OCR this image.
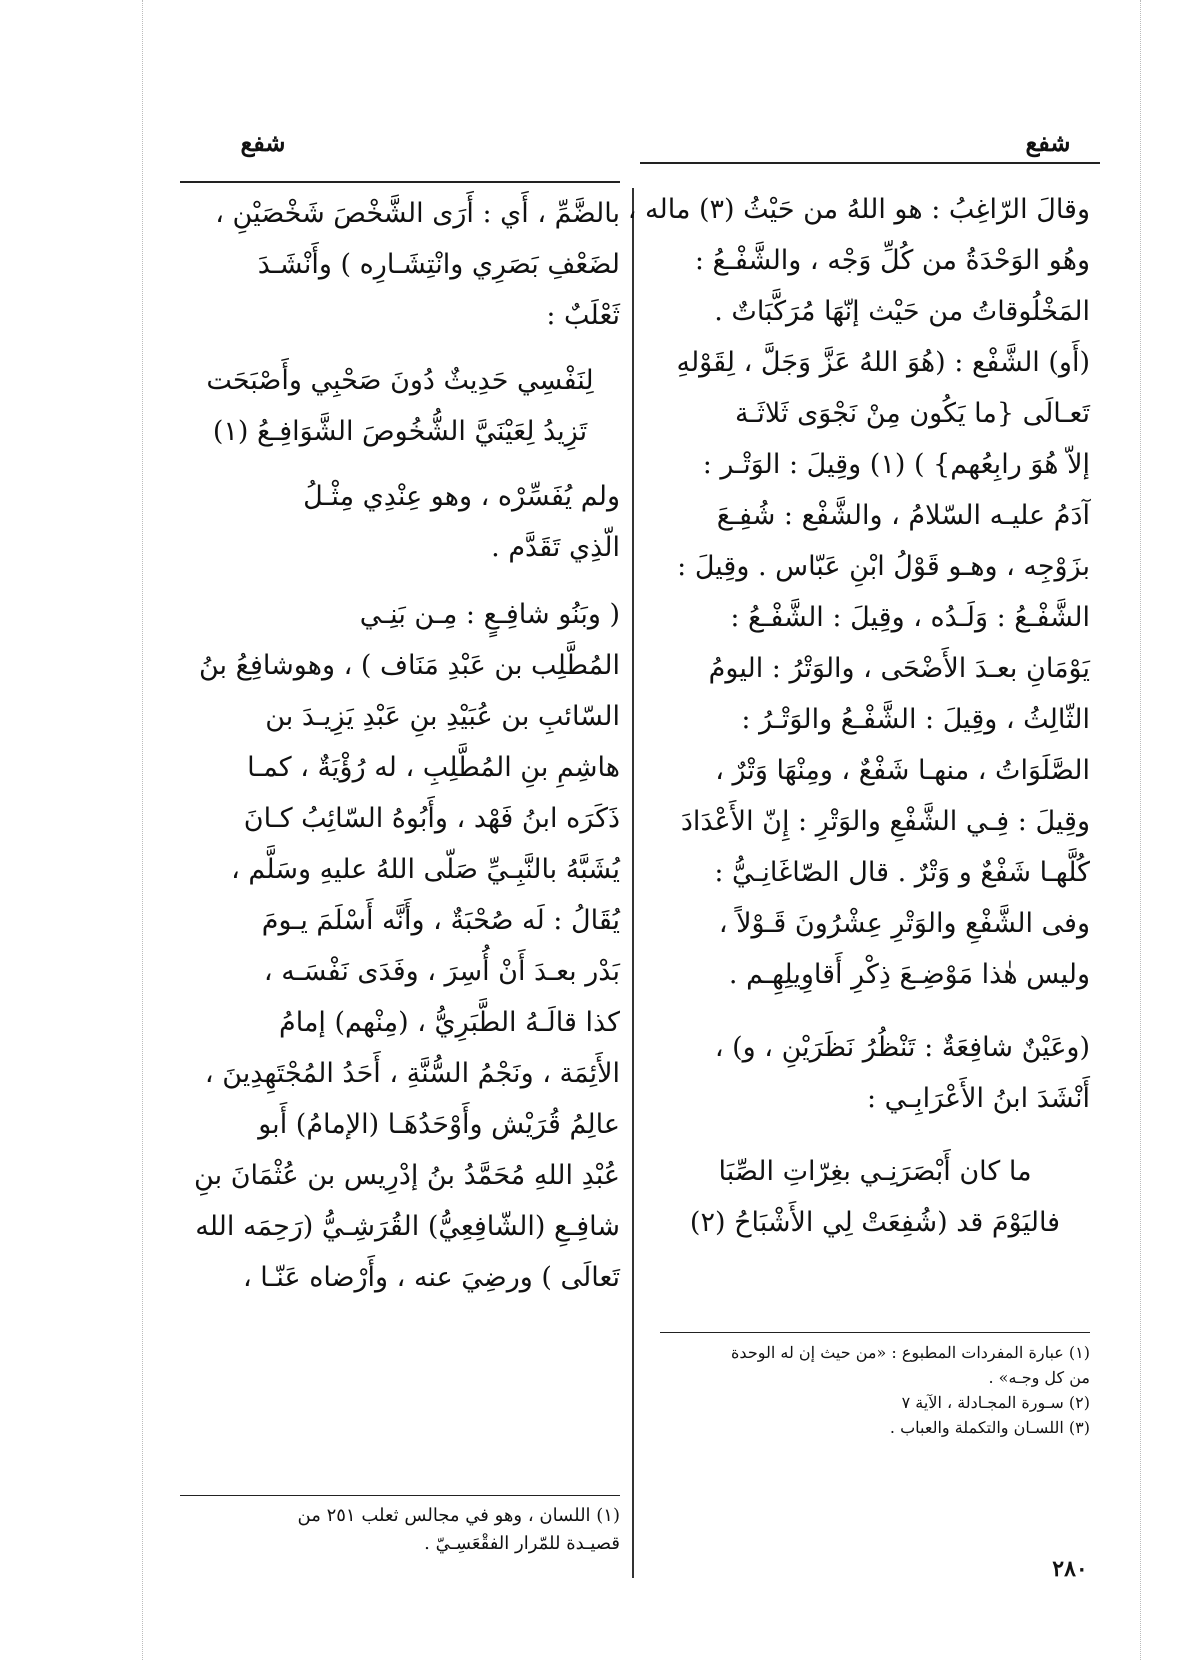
شفع
شفع
وقالَ الرّاغِبُ : هو اللهُ من حَيْثُ (٣) ماله ،
وهُو الوَحْدَةُ من كُلِّ وَجْه ، والشَّفْـعُ :
المَخْلُوقاتُ من حَيْث إنّهَا مُرَكَّبَاتٌ .
(أَو) الشَّفْع : (هُوَ اللهُ عَزَّ وَجَلَّ ، لِقَوْلهِ
تَعـالَى {ما يَكُون مِنْ نَجْوَى ثَلاثَـة
إلاّ هُوَ رابِعُهم} ) (١) وقِيلَ : الوَتْـر :
آدَمُ عليـه السّلامُ ، والشَّفْع : شُفِـعَ
بزَوْجِه ، وهـو قَوْلُ ابْنِ عَبّاس . وقِيلَ :
الشَّفْـعُ : وَلَـدُه ، وقِيلَ : الشَّفْـعُ :
يَوْمَانِ بعـدَ الأَضْحَى ، والوَتْرُ : اليومُ
الثّالِثُ ، وقِيلَ : الشَّفْـعُ والوَتْـرُ :
الصَّلَوَاتُ ، منهـا شَفْعٌ ، ومِنْهَا وَتْرٌ ،
وقِيلَ : فِـي الشَّفْعِ والوَتْرِ : إِنّ الأَعْدَادَ
كُلَّهـا شَفْعٌ و وَتْرٌ . قال الصّاغَانِـيُّ :
وفى الشَّفْعِ والوَتْرِ عِشْرُونَ قَـوْلاً ،
وليس هٰذا مَوْضِـعَ ذِكْرِ أَقاوِيلِهِـم .
(وعَيْنٌ شافِعَةٌ : تَنْظُرُ نَظَرَيْنِ ، و) ،
أَنْشَدَ ابنُ الأَعْرَابِـي :
ما كان أَبْصَرَنِـي بغِرّاتِ الصِّبَا
فاليَوْمَ قد (شُفِعَتْ لِي الأَشْبَاحُ (٢)
(١) عبارة المفردات المطبوع : «من حيث إن له الوحدة
من كل وجـه» .
(٢) سـورة المجـادلة ، الآية ٧
(٣) اللسـان والتكملة والعباب .
بالضَّمِّ ، أَي : أَرَى الشَّخْصَ شَخْصَيْنِ ،
لضَعْفِ بَصَرِي وانْتِشَـارِه ) وأَنْشَـدَ
ثَعْلَبٌ :
لِنَفْسِي حَدِيثٌ دُونَ صَحْبِي وأَصْبَحَت
تَزِيدُ لِعَيْنَيَّ الشُّخُوصَ الشَّوَافِـعُ (١)
ولم يُفَسِّرْه ، وهو عِنْدِي مِثْـلُ
الّذِي تَقَدَّم .
( وبَنُو شافِـعٍ : مِـن بَنِـي
المُطَّلِب بن عَبْدِ مَنَاف ) ، وهوشافِعُ بنُ
السّائبِ بن عُبَيْدِ بنِ عَبْدِ يَزِيـدَ بن
هاشِمِ بنِ المُطَّلِبِ ، له رُؤْيَةٌ ، كمـا
ذَكَرَه ابنُ فَهْد ، وأَبُوهُ السّائِبُ كـانَ
يُشَبَّهُ بالنَّبِـيِّ صَلّى اللهُ عليهِ وسَلَّم ،
يُقَالُ : لَه صُحْبَةٌ ، وأَنَّه أَسْلَمَ يـومَ
بَدْر بعـدَ أَنْ أُسِرَ ، وفَدَى نَفْسَـه ،
كذا قالَـهُ الطَّبَرِيُّ ، (مِنْهم) إمامُ
الأَئِمَة ، ونَجْمُ السُّنَّةِ ، أَحَدُ المُجْتَهِدِينَ ،
عالِمُ قُرَيْش وأَوْحَدُهَـا (الإمامُ) أَبو
عُبْدِ اللهِ مُحَمَّدُ بنُ إدْرِيس بن عُثْمَانَ بنِ
شافِـعِ (الشّافِعِيُّ) القُرَشِـيُّ (رَحِمَه الله
تَعالَى ) ورضِيَ عنه ، وأَرْضاه عَنّـا ،
(١) اللسان ، وهو في مجالس ثعلب ٢٥١ من
قصيـدة للمّرار الفقْعَسِـيّ .
٢٨٠
